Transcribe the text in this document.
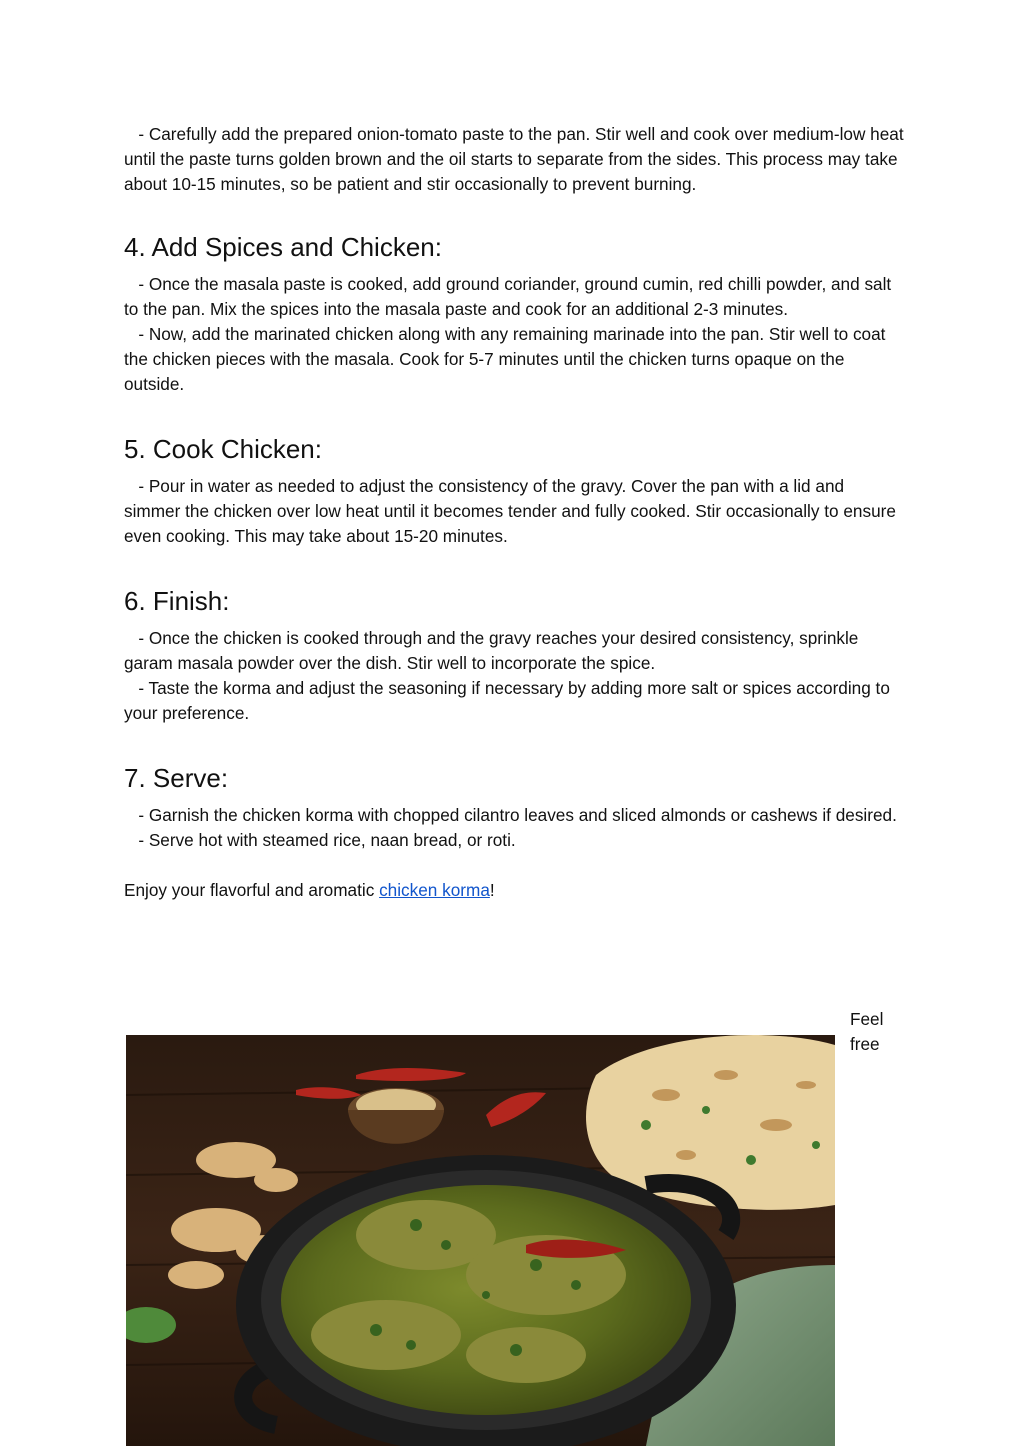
- Carefully add the prepared onion-tomato paste to the pan. Stir well and cook over medium-low heat until the paste turns golden brown and the oil starts to separate from the sides. This process may take about 10-15 minutes, so be patient and stir occasionally to prevent burning.

4. Add Spices and Chicken:

- Once the masala paste is cooked, add ground coriander, ground cumin, red chilli powder, and salt to the pan. Mix the spices into the masala paste and cook for an additional 2-3 minutes.

- Now, add the marinated chicken along with any remaining marinade into the pan. Stir well to coat the chicken pieces with the masala. Cook for 5-7 minutes until the chicken turns opaque on the outside.

5. Cook Chicken:

- Pour in water as needed to adjust the consistency of the gravy. Cover the pan with a lid and simmer the chicken over low heat until it becomes tender and fully cooked. Stir occasionally to ensure even cooking. This may take about 15-20 minutes.

6. Finish:

- Once the chicken is cooked through and the gravy reaches your desired consistency, sprinkle garam masala powder over the dish. Stir well to incorporate the spice.

- Taste the korma and adjust the seasoning if necessary by adding more salt or spices according to your preference.

7. Serve:

- Garnish the chicken korma with chopped cilantro leaves and sliced almonds or cashews if desired.

- Serve hot with steamed rice, naan bread, or roti.

Enjoy your flavorful and aromatic chicken korma!

Feel
free
